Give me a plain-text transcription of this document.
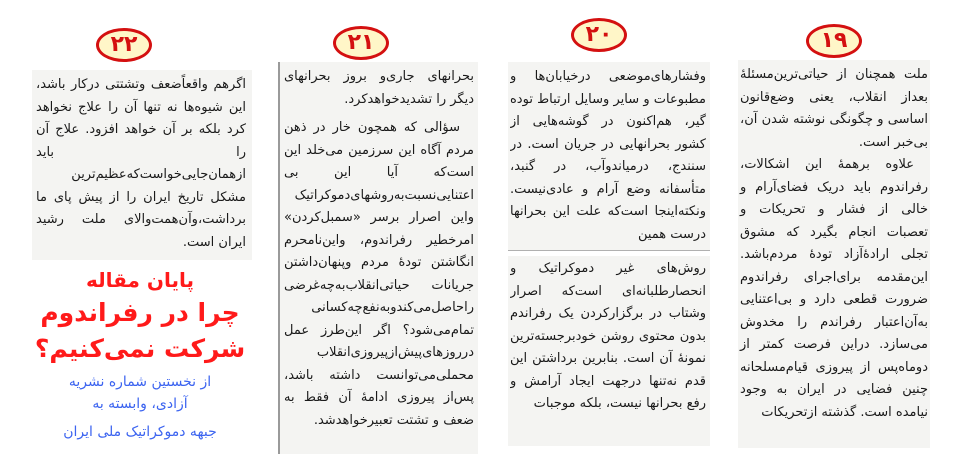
۱۹
۲۰
۲۱
۲۲

ملت همچنان از حیاتی‌ترین‌مسئلهٔ بعداز انقلاب، یعنی وضع‌قانون اساسی و چگونگی نوشته شدن آن، بی‌خبر است.

علاوه برهمهٔ این اشکالات، رفراندوم باید دریک فضای‌آرام و خالی از فشار و تحریکات و تعصبات انجام بگیرد که مشوق تجلی ارادهٔ‌آزاد تودهٔ مردم‌باشد. این‌مقدمه برای‌اجرای رفراندوم ضرورت قطعی دارد و بی‌اعتنایی به‌آن‌اعتبار رفراندم را مخدوش می‌سازد. دراین فرصت کمتر از دوماه‌پس از پیروزی قیام‌مسلحانه چنین فضایی در ایران به وجود نیامده است. گذشته ازتحریکات

وفشارهای‌موضعی درخیابان‌ها و مطبوعات و سایر وسایل ارتباط توده گیر، هم‌اکنون در گوشه‌هایی از کشور بحرانهایی در جریان است. در سنندج، درمیاندوآب، در گنبد، متأسفانه وضع آرام و عادی‌نیست. ونکته‌اینجا است‌که علت این بحرانها درست همین

روش‌های غیر دموکراتیک و انحصارطلبانه‌ای است‌که اصرار وشتاب در برگزارکردن یک رفراندم بدون محتوی روشن خودبرجسته‌ترین نمونهٔ آن است. بنابرین برداشتن این قدم نه‌تنها درجهت ایجاد آرامش و رفع بحرانها نیست، بلکه موجبات

بحرانهای جاری‌و بروز بحرانهای دیگر را تشدیدخواهدکرد.

سؤالی که همچون خار در ذهن مردم آگاه این سرزمین می‌خلد این است‌که آیا این بی اعتنایی‌نسبت‌به‌روشهای‌دموکراتیک واین اصرار برسر «سمبل‌کردن» امرخطیر رفراندوم، واین‌نامحرم انگاشتن تودهٔ مردم وپنهان‌داشتن جریانات حیاتی‌انقلاب‌به‌چه‌غرضی راحاصل‌می‌کندوبه‌نفع‌چه‌کسانی تمام‌می‌شود؟ اگر این‌طرز عمل درروزهای‌پیش‌ازپیروزی‌انقلاب محملی‌می‌توانست داشته باشد، پس‌از پیروزی ادامهٔ آن فقط به ضعف و تشتت تعبیرخواهدشد.

اگرهم واقعاًضعف وتشتتی درکار باشد، این شیوه‌ها نه تنها آن را علاج نخواهد کرد بلکه بر آن خواهد افزود. علاج آن را باید ازهمان‌جایی‌خواست‌که‌عظیم‌ترین مشکل تاریخ ایران را از پیش پای ما برداشت،وآن‌همت‌والای ملت رشید ایران است.

پایان مقاله
چرا در رفراندوم
شرکت نمی‌کنیم؟
از نخستین شماره نشریه
آزادی، وابسته به
جبهه دموکراتیک ملی ایران
